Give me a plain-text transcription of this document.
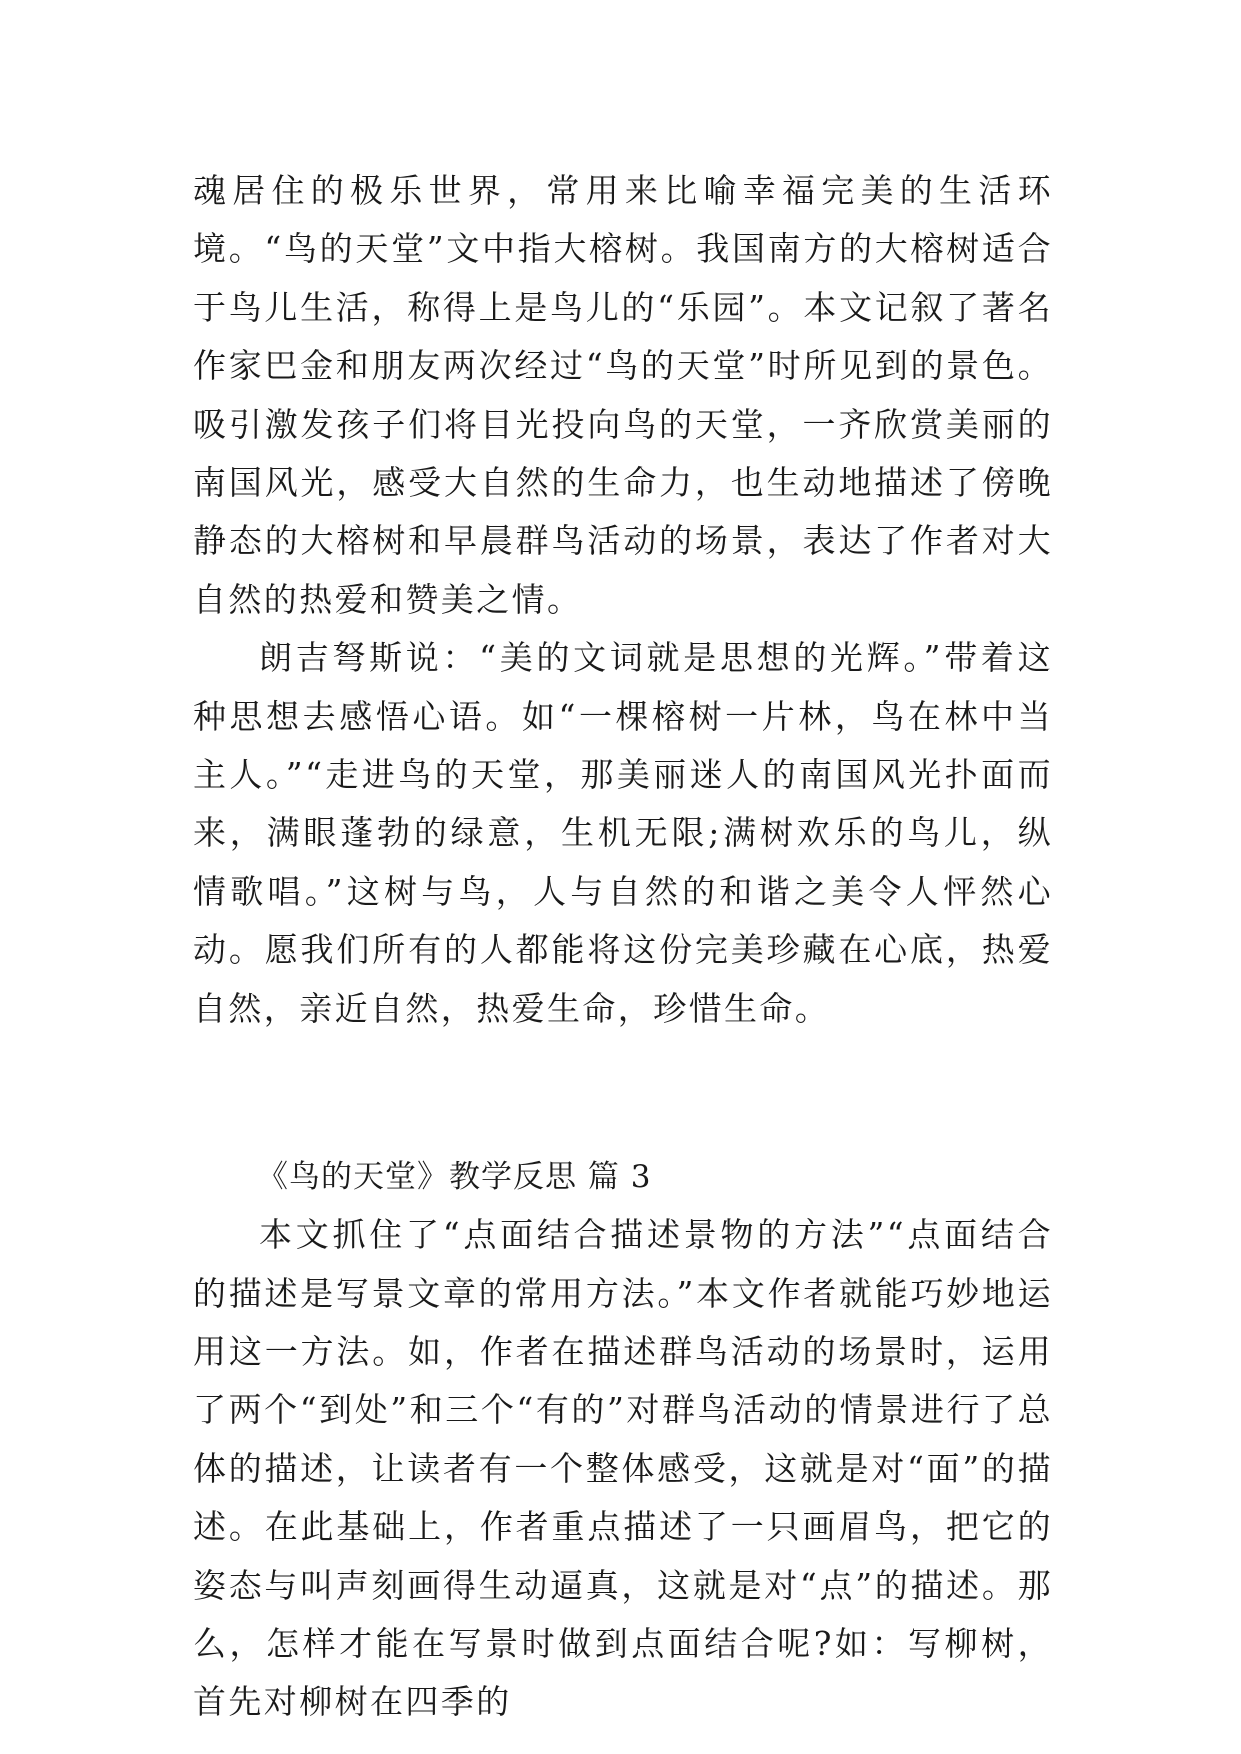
魂居住的极乐世界，常用来比喻幸福完美的生活环境。“鸟的天堂”文中指大榕树。我国南方的大榕树适合于鸟儿生活，称得上是鸟儿的“乐园”。本文记叙了著名作家巴金和朋友两次经过“鸟的天堂”时所见到的景色。吸引激发孩子们将目光投向鸟的天堂，一齐欣赏美丽的南国风光，感受大自然的生命力，也生动地描述了傍晚静态的大榕树和早晨群鸟活动的场景，表达了作者对大自然的热爱和赞美之情。

朗吉弩斯说：“美的文词就是思想的光辉。”带着这种思想去感悟心语。如“一棵榕树一片林，鸟在林中当主人。”“走进鸟的天堂，那美丽迷人的南国风光扑面而来，满眼蓬勃的绿意，生机无限;满树欢乐的鸟儿，纵情歌唱。”这树与鸟，人与自然的和谐之美令人怦然心动。愿我们所有的人都能将这份完美珍藏在心底，热爱自然，亲近自然，热爱生命，珍惜生命。

《鸟的天堂》教学反思 篇 3

本文抓住了“点面结合描述景物的方法”“点面结合的描述是写景文章的常用方法。”本文作者就能巧妙地运用这一方法。如，作者在描述群鸟活动的场景时，运用了两个“到处”和三个“有的”对群鸟活动的情景进行了总体的描述，让读者有一个整体感受，这就是对“面”的描述。在此基础上，作者重点描述了一只画眉鸟，把它的姿态与叫声刻画得生动逼真，这就是对“点”的描述。那么，怎样才能在写景时做到点面结合呢?如：写柳树，首先对柳树在四季的
